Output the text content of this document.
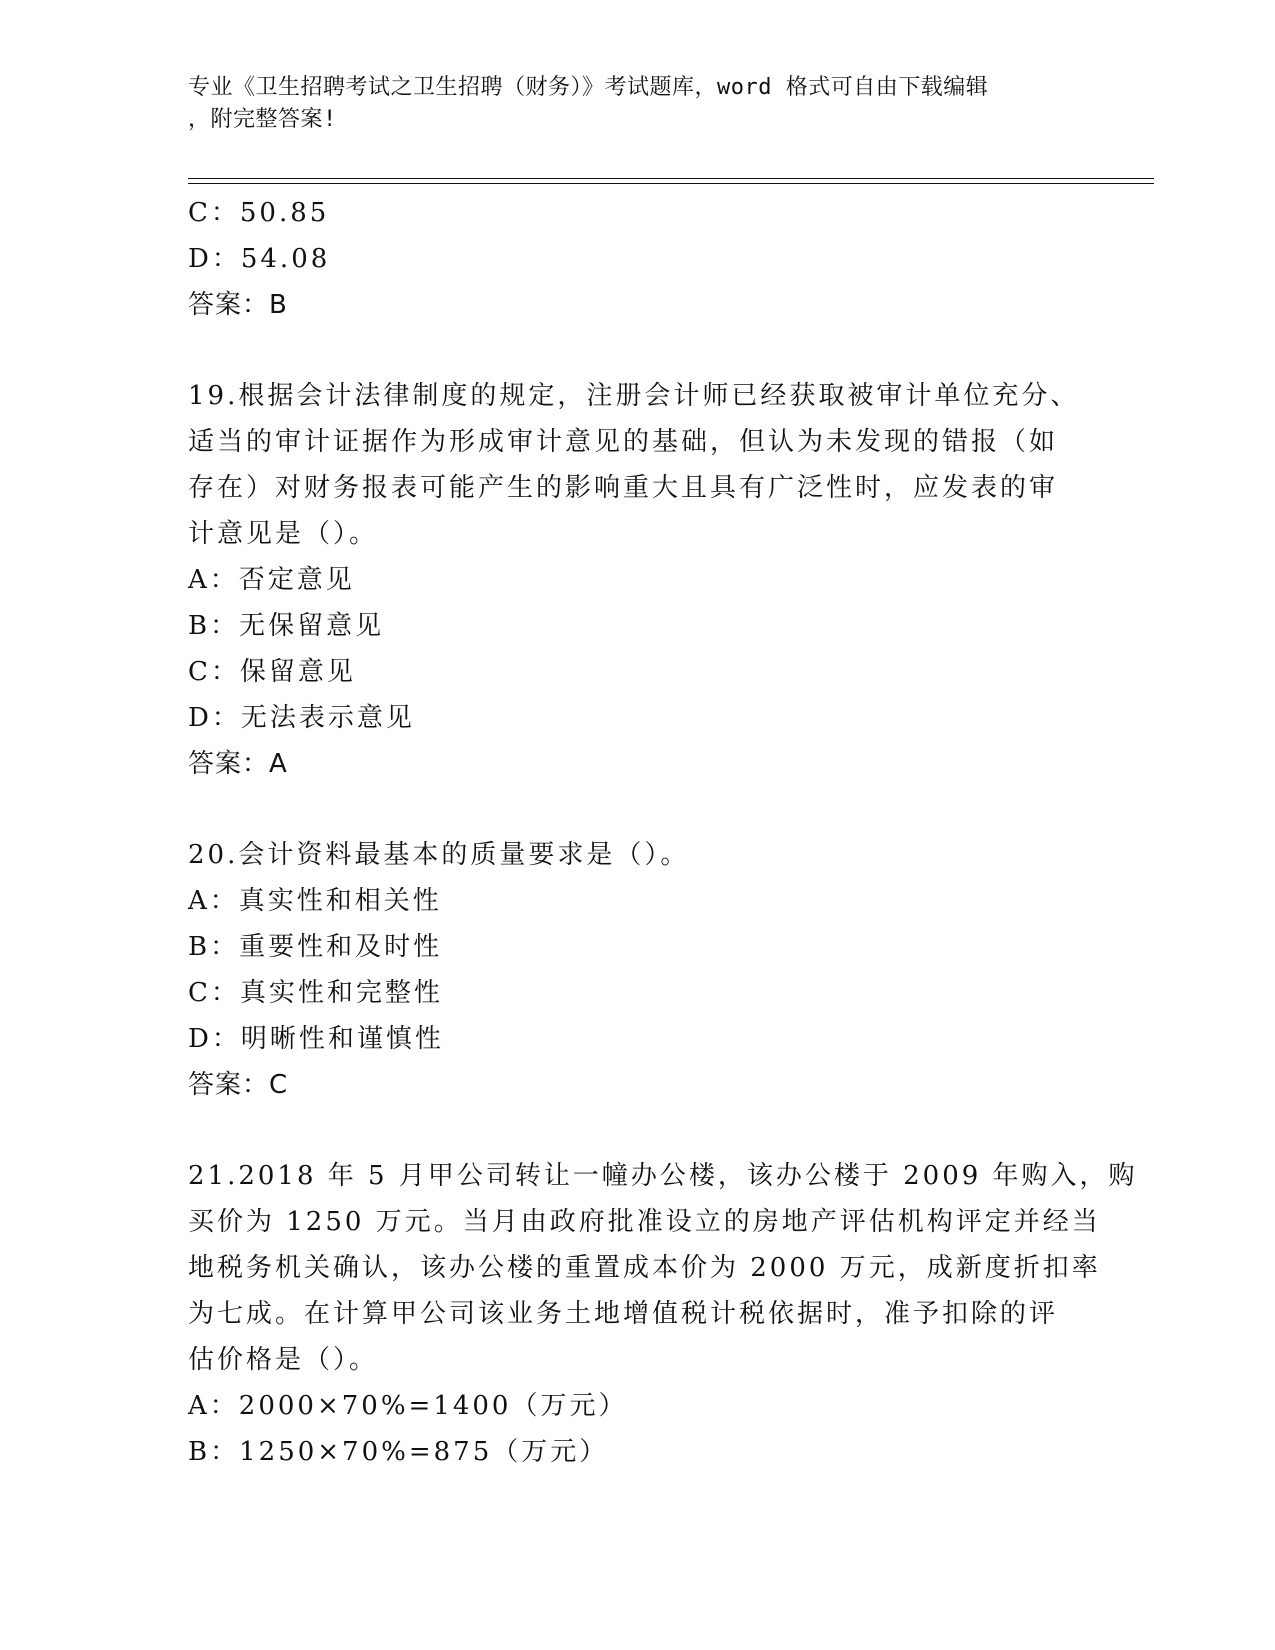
专业《卫生招聘考试之卫生招聘（财务）》考试题库，word 格式可自由下载编辑
，附完整答案!
C：50.85
D：54.08
答案：B
19.根据会计法律制度的规定，注册会计师已经获取被审计单位充分、
适当的审计证据作为形成审计意见的基础，但认为未发现的错报（如
存在）对财务报表可能产生的影响重大且具有广泛性时，应发表的审
计意见是（）。
A：否定意见
B：无保留意见
C：保留意见
D：无法表示意见
答案：A
20.会计资料最基本的质量要求是（）。
A：真实性和相关性
B：重要性和及时性
C：真实性和完整性
D：明晰性和谨慎性
答案：C
21.2018 年 5 月甲公司转让一幢办公楼，该办公楼于 2009 年购入，购
买价为 1250 万元。当月由政府批准设立的房地产评估机构评定并经当
地税务机关确认，该办公楼的重置成本价为 2000 万元，成新度折扣率
为七成。在计算甲公司该业务土地增值税计税依据时，准予扣除的评
估价格是（）。
A：2000×70%=1400（万元）
B：1250×70%=875（万元）
